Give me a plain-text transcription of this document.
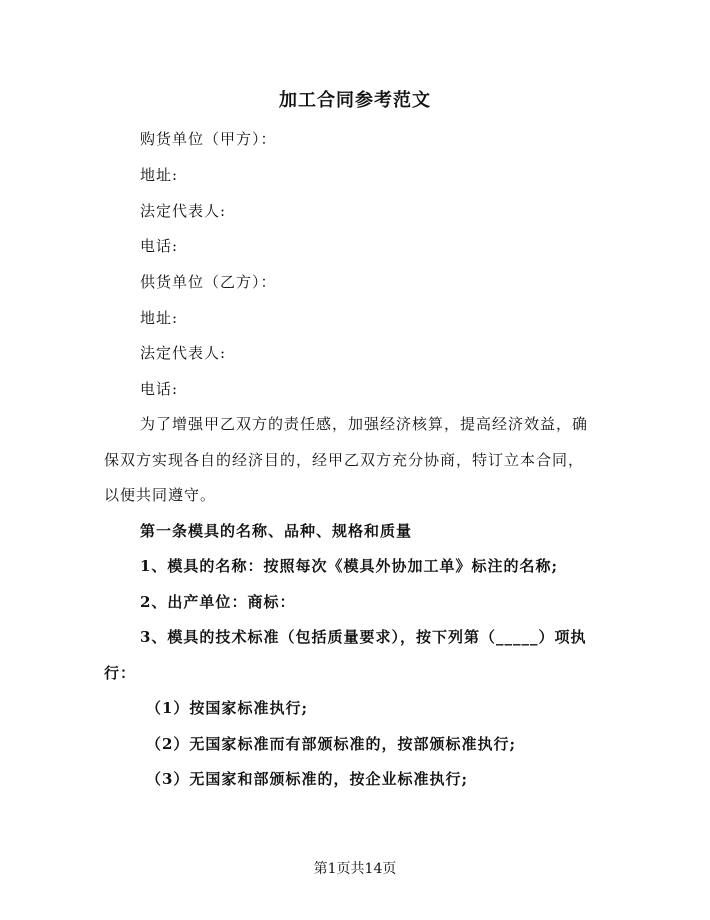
加工合同参考范文
购货单位（甲方）：
地址:
法定代表人:
电话:
供货单位（乙方）：
地址:
法定代表人:
电话:
为了增强甲乙双方的责任感，加强经济核算，提高经济效益，确
保双方实现各自的经济目的，经甲乙双方充分协商，特订立本合同，
以便共同遵守。
第一条模具的名称、品种、规格和质量
1、模具的名称：按照每次《模具外协加工单》标注的名称;
2、出产单位：商标：
3、模具的技术标准（包括质量要求），按下列第（_____）项执
行：
（1）按国家标准执行;
（2）无国家标准而有部颁标准的，按部颁标准执行;
（3）无国家和部颁标准的，按企业标准执行;
第1页共14页
